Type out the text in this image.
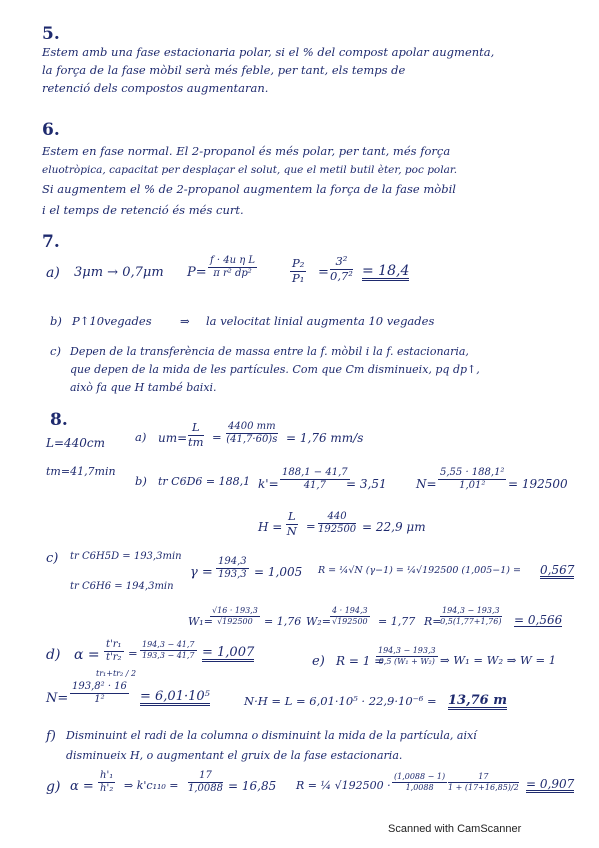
5.
Estem amb una fase estacionaria polar, si el % del compost apolar augmenta,
la força de la fase mòbil serà més feble, per tant, els temps de
retenció dels compostos augmentaran.
6.
Estem en fase normal. El 2-propanol és més polar, per tant, més força
eluotròpica, capacitat per desplaçar el solut, que el metil butil èter, poc polar.
Si augmentem el % de 2-propanol augmentem la força de la fase mòbil
i el temps de retenció és més curt.
7.
a) 3μm → 0,7μm $P= \frac{\text{f · 4u η L}}{\text{π r² dp²}}$	$\frac{\text{P₂}}{\text{P₁}} = \frac{\text{3²}}{\text{0,7²}} = 18,4$
b) P↑10vegades ⇒ la velocitat linial augmenta 10 vegades
c) Depen de la transferència de massa entre la f. mòbil i la f. estacionaria,
que depen de la mida de les partícules. Com que Cm disminueix, pq dp↑,
això fa que H també baixi.
8.
L=440cm
tm=41,7min
a) $um= \frac{L}{tm} = \frac{4400 mm}{(41,7\cdot 60)s} = 1,76$ mm/s
b) tr C6D6 = 188,1 $k'= \frac{188,1 - 41,7}{41,7}$
= 3,51 $N= \frac{\text{5,55 · 188,1²}}{\text{1,01²}} = 192500$
$H = \frac{L}{N} = \frac{440}{192500} = 22,9$ μm
c) tr C6H5D = 193,3min
tr C6H6 = 194,3min
$\gamma = \frac{194,3}{193,3} = 1,005$ R = ¼√N (γ−1) = ¼√192500 (1,005−1) = 0,567
W₁=
$\frac{√16 \cdot 193,3}{√192500} = 1,76$ $W_2= \frac{4 \cdot 194,3}{√192500} = 1,77$ R=
$\frac{194,3 - 193,3}{0,5(1,77+1,76)} = 0,566$
d) $\alpha = \frac{\text{t'r₁}}{\text{t'r₂}} = \frac{194,3 - 41,7}{193,3 - 41,7} = 1,007$
e) R = 1 =
$\frac{194,3 - 193,3}{\text{0,5 (W₁ + W₂)}}$ ⇒ W₁ = W₂ ⇒ W = 1
tr₁+tr₂ / 2
$N= \frac{\text{193,8² · 16}}{\text{1²}} = 6,01\cdot 10^5$	N·H = L = 6,01·10⁵ · 22,9·10⁻⁶ = 13,76 m
f) Disminuint el radi de la columna o disminuint la mida de la partícula, així
disminueix H, o augmentant el gruix de la fase estacionaria.
g) $\alpha = \frac{\text{h'₁}}{\text{h'₂}}$ ⇒ $k'c_{110} = \frac{17}{1,0088} = 16,85$ R = ¼ $√192500 \cdot \frac{(1,0088 - 1)}{1,0088} \frac{17}{1 + (17+16,85)/2} = 0,907$
Scanned with CamScanner
